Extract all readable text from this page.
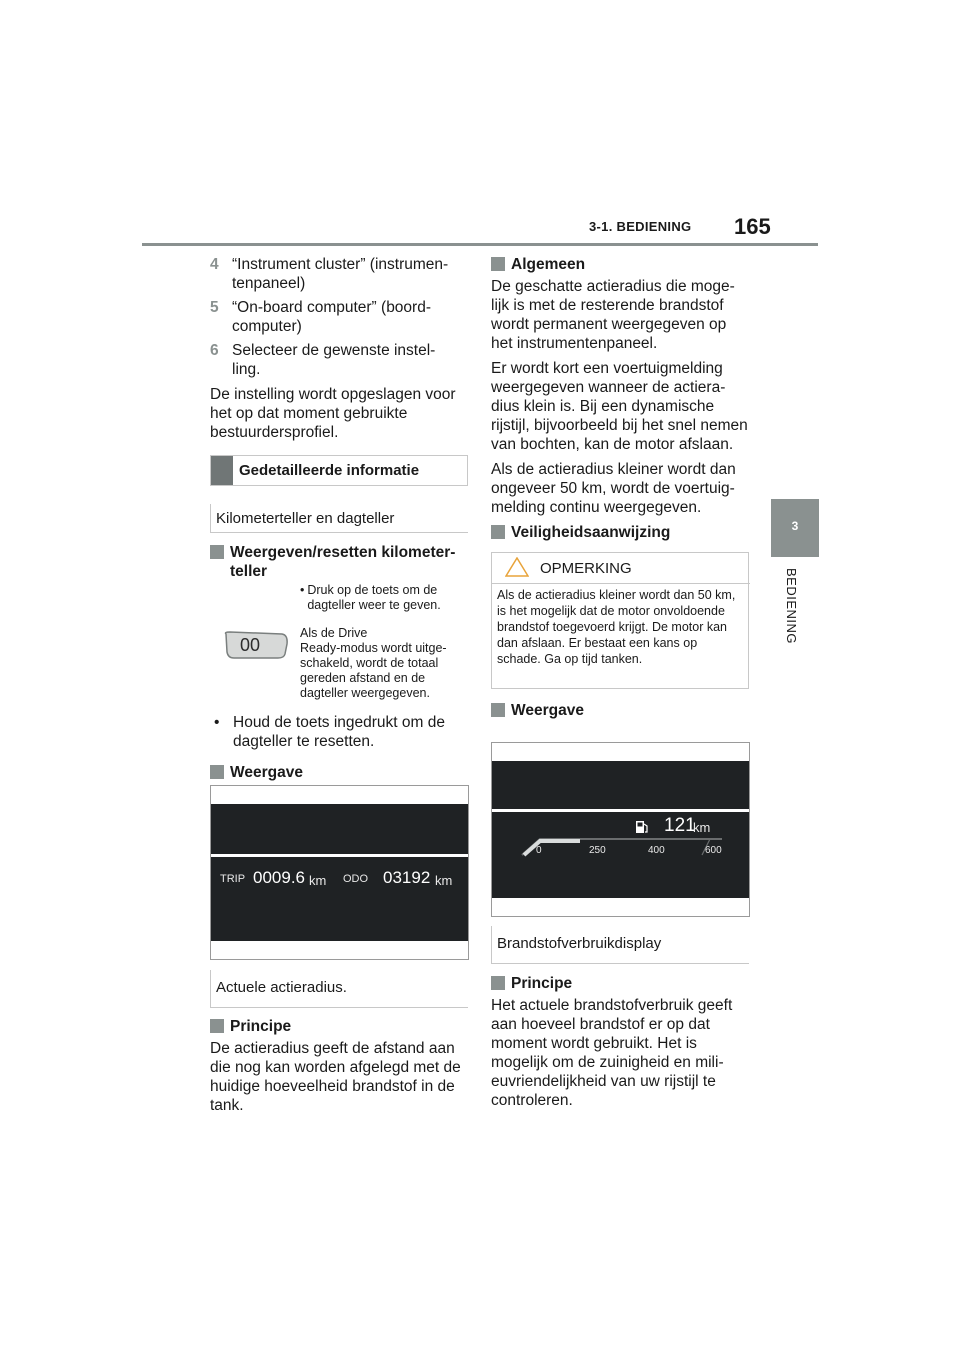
3-1. BEDIENING 165
3
BEDIENING
4 “Instrument cluster” (instrumen-
tenpaneel)
5 “On-board computer” (boord-
computer)
6 Selecteer de gewenste instel-
ling.

De instelling wordt opgeslagen voor het op dat moment gebruikte bestuurdersprofiel.

Gedetailleerde informatie
Kilometerteller en dagteller
Weergeven/resetten kilometer-
teller
• Druk op de toets om de dagteller weer te geven.
00
Als de Drive
Ready-modus wordt uitge-
schakeld, wordt de totaal
gereden afstand en de
dagteller weergegeven.
• Houd de toets ingedrukt om de
dagteller te resetten.
Weergave
TRIP 0009.6 km ODO 03192 km
Actuele actieradius.
Principe

De actieradius geeft de afstand aan die nog kan worden afgelegd met de huidige hoeveelheid brandstof in de tank.

Algemeen

De geschatte actieradius die moge-lijk is met de resterende brandstof wordt permanent weergegeven op het instrumentenpaneel.

Er wordt kort een voertuigmelding weergegeven wanneer de actiera-dius klein is. Bij een dynamische rijstijl, bijvoorbeeld bij het snel nemen van bochten, kan de motor afslaan.

Als de actieradius kleiner wordt dan ongeveer 50 km, wordt de voertuig-melding continu weergegeven.

Veiligheidsaanwijzing
OPMERKING
Als de actieradius kleiner wordt dan 50 km, is het mogelijk dat de motor onvoldoende brandstof toegevoerd krijgt. De motor kan dan afslaan. Er bestaat een kans op schade. Ga op tijd tanken.
Weergave
121
km
0	250	400	600
Brandstofverbruikdisplay
Principe

Het actuele brandstofverbruik geeft aan hoeveel brandstof er op dat moment wordt gebruikt. Het is mogelijk om de zuinigheid en mili-euvriendelijkheid van uw rijstijl te controleren.
